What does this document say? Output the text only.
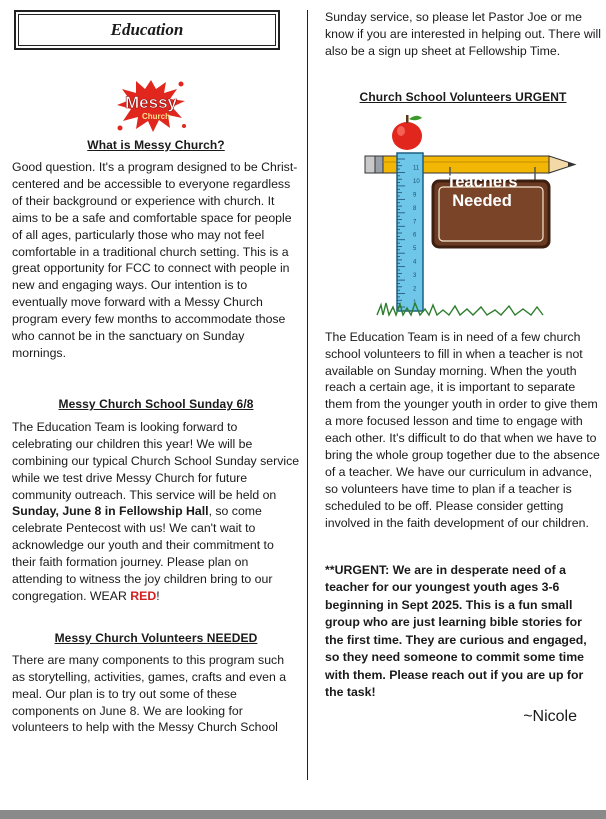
Education
Messy
Church
What is Messy Church?

Good question. It's a program designed to be Christ-centered and be accessible to everyone regardless of their background or experience with church. It aims to be a safe and comfortable space for people of all ages, particularly those who may not feel comfortable in a traditional church setting. This is a great opportunity for FCC to connect with people in new and engaging ways. Our intention is to eventually move forward with a Messy Church program every few months to accommodate those who cannot be in the sanctuary on Sunday mornings.

Messy Church School Sunday 6/8

The Education Team is looking forward to celebrating our children this year! We will be combining our typical Church School Sunday service while we test drive Messy Church for future community outreach. This service will be held on Sunday, June 8 in Fellowship Hall, so come celebrate Pentecost with us! We can't wait to acknowledge our youth and their commitment to their faith formation journey. Please plan on attending to witness the joy children bring to our congregation. WEAR RED!

Messy Church Volunteers NEEDED

There are many components to this program such as storytelling, activities, games, crafts and even a meal. Our plan is to try out some of these components on June 8. We are looking for volunteers to help with the Messy Church School

Sunday service, so please let Pastor Joe or me know if you are interested in helping out. There will also be a sign up sheet at Fellowship Time.

Church School Volunteers URGENT
1
2
3
4
5
6
7
8
9
10
11
Teachers
Needed

The Education Team is in need of a few church school volunteers to fill in when a teacher is not available on Sunday morning. When the youth reach a certain age, it is important to separate them from the younger youth in order to give them a more focused lesson and time to engage with each other. It's difficult to do that when we have to bring the whole group together due to the absence of a teacher. We have our curriculum in advance, so volunteers have time to plan if a teacher is scheduled to be off. Please consider getting involved in the faith development of our children.

**URGENT: We are in desperate need of a teacher for our youngest youth ages 3-6 beginning in Sept 2025. This is a fun small group who are just learning bible stories for the first time. They are curious and engaged, so they need someone to commit some time with them. Please reach out if you are up for the task!

~Nicole
